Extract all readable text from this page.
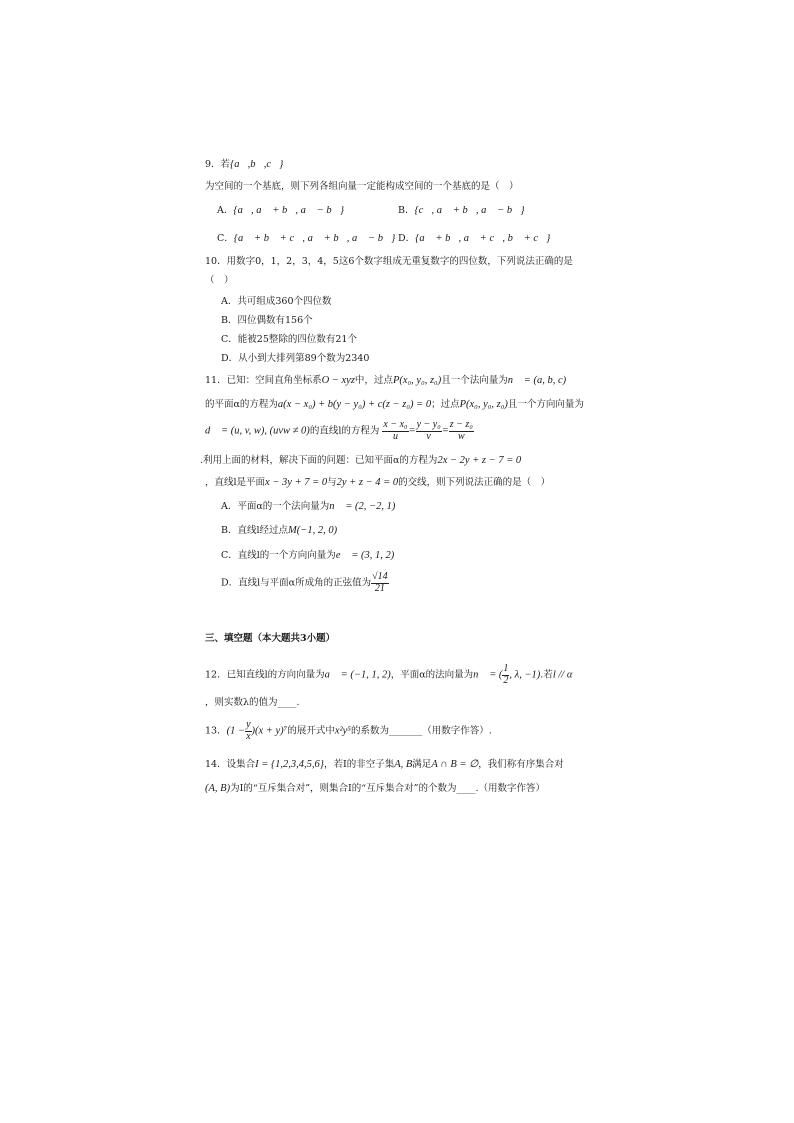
9．若{a⃗,b⃗,c⃗}
为空间的一个基底，则下列各组向量一定能构成空间的一个基底的是（　）
A．{a⃗, a⃗ + b⃗, a⃗ − b⃗}	B．{c⃗, a⃗ + b⃗, a⃗ − b⃗}
C．{a⃗ + b⃗ + c⃗, a⃗ + b⃗, a⃗ − b⃗} D．{a⃗ + b⃗, a⃗ + c⃗, b⃗ + c⃗}
10．用数字0，1，2，3，4，5这6个数字组成无重复数字的四位数，下列说法正确的是
（　）
A．共可组成360个四位数
B．四位偶数有156个
C．能被25整除的四位数有21个
D．从小到大排列第89个数为2340
11．已知：空间直角坐标系O − xyz中，过点P(x₀, y₀, z₀)且一个法向量为n⃗ = (a, b, c)
的平面α的方程为a(x − x₀) + b(y − y₀) + c(z − z₀) = 0；过点P(x₀, y₀, z₀)且一个方向向量为
d⃗ = (u, v, w), (uvw ≠ 0)的直线l的方程为 $\frac{\text{x − x₀}}{u} = \frac{\text{y − y₀}}{v} = \frac{\text{z − z₀}}{w}$
.利用上面的材料，解决下面的问题：已知平面α的方程为2x − 2y + z − 7 = 0
，直线l是平面x − 3y + 7 = 0与2y + z − 4 = 0的交线，则下列说法正确的是（　）
A．平面α的一个法向量为n⃗ = (2, −2, 1)
B．直线l经过点M(−1, 2, 0)
C．直线l的一个方向向量为e⃗ = (3, 1, 2)
D．直线l与平面α所成角的正弦值为 $\frac{√14}{21}$
三、填空题（本大题共3小题）
12．已知直线l的方向向量为a⃗ = (−1, 1, 2)，平面α的法向量为n⃗ = ( $\frac{1}{2}$ , λ, −1).若l // α
，则实数λ的值为____.
13．$(1 - \frac{y}{x} )(x + y)^7$的展开式中x²y⁵的系数为_______（用数字作答）.
14．设集合I = {1,2,3,4,5,6}，若I的非空子集A, B满足A ∩ B = ∅，我们称有序集合对
(A, B)为I的“互斥集合对”，则集合I的“互斥集合对”的个数为____.（用数字作答）
